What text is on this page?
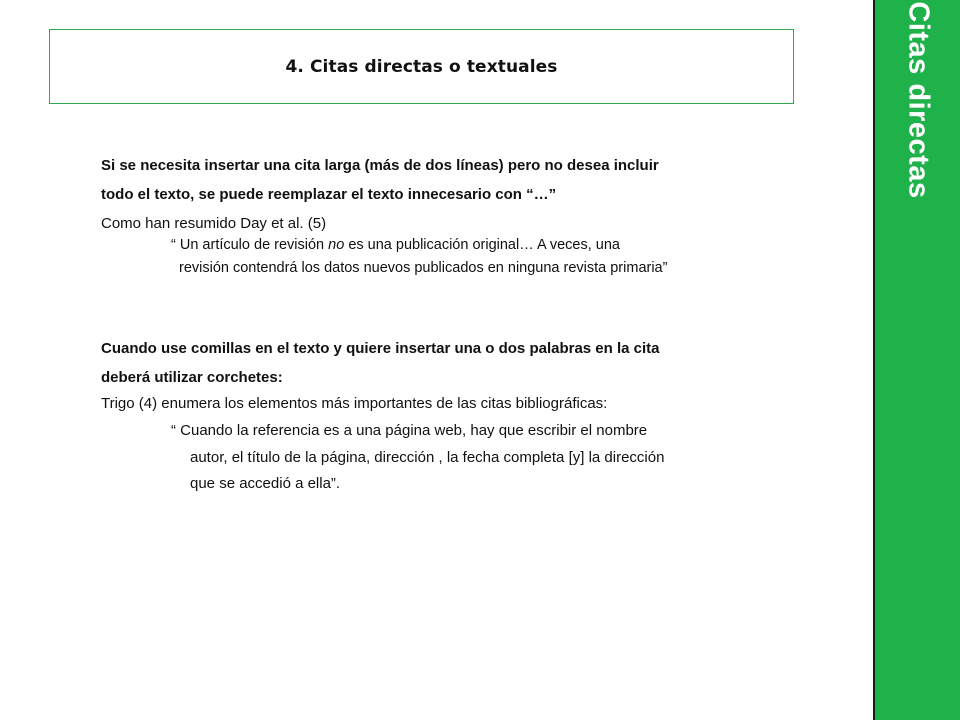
4. Citas directas o textuales	Citas directas
Si se necesita insertar una cita larga (más de dos líneas) pero no desea incluir
todo el texto, se puede reemplazar el texto innecesario con “…”
Como han resumido Day et al. (5)
“ Un artículo de revisión no es una publicación original… A veces, una
revisión contendrá los datos nuevos publicados en ninguna revista primaria”
Cuando use comillas en el texto y quiere insertar una o dos palabras en la cita
deberá utilizar corchetes:
Trigo (4) enumera los elementos más importantes de las citas bibliográficas:
“ Cuando la referencia es a una página web, hay que escribir el nombre
autor, el título de la página, dirección , la fecha completa [y] la dirección
que se accedió a ella”.
